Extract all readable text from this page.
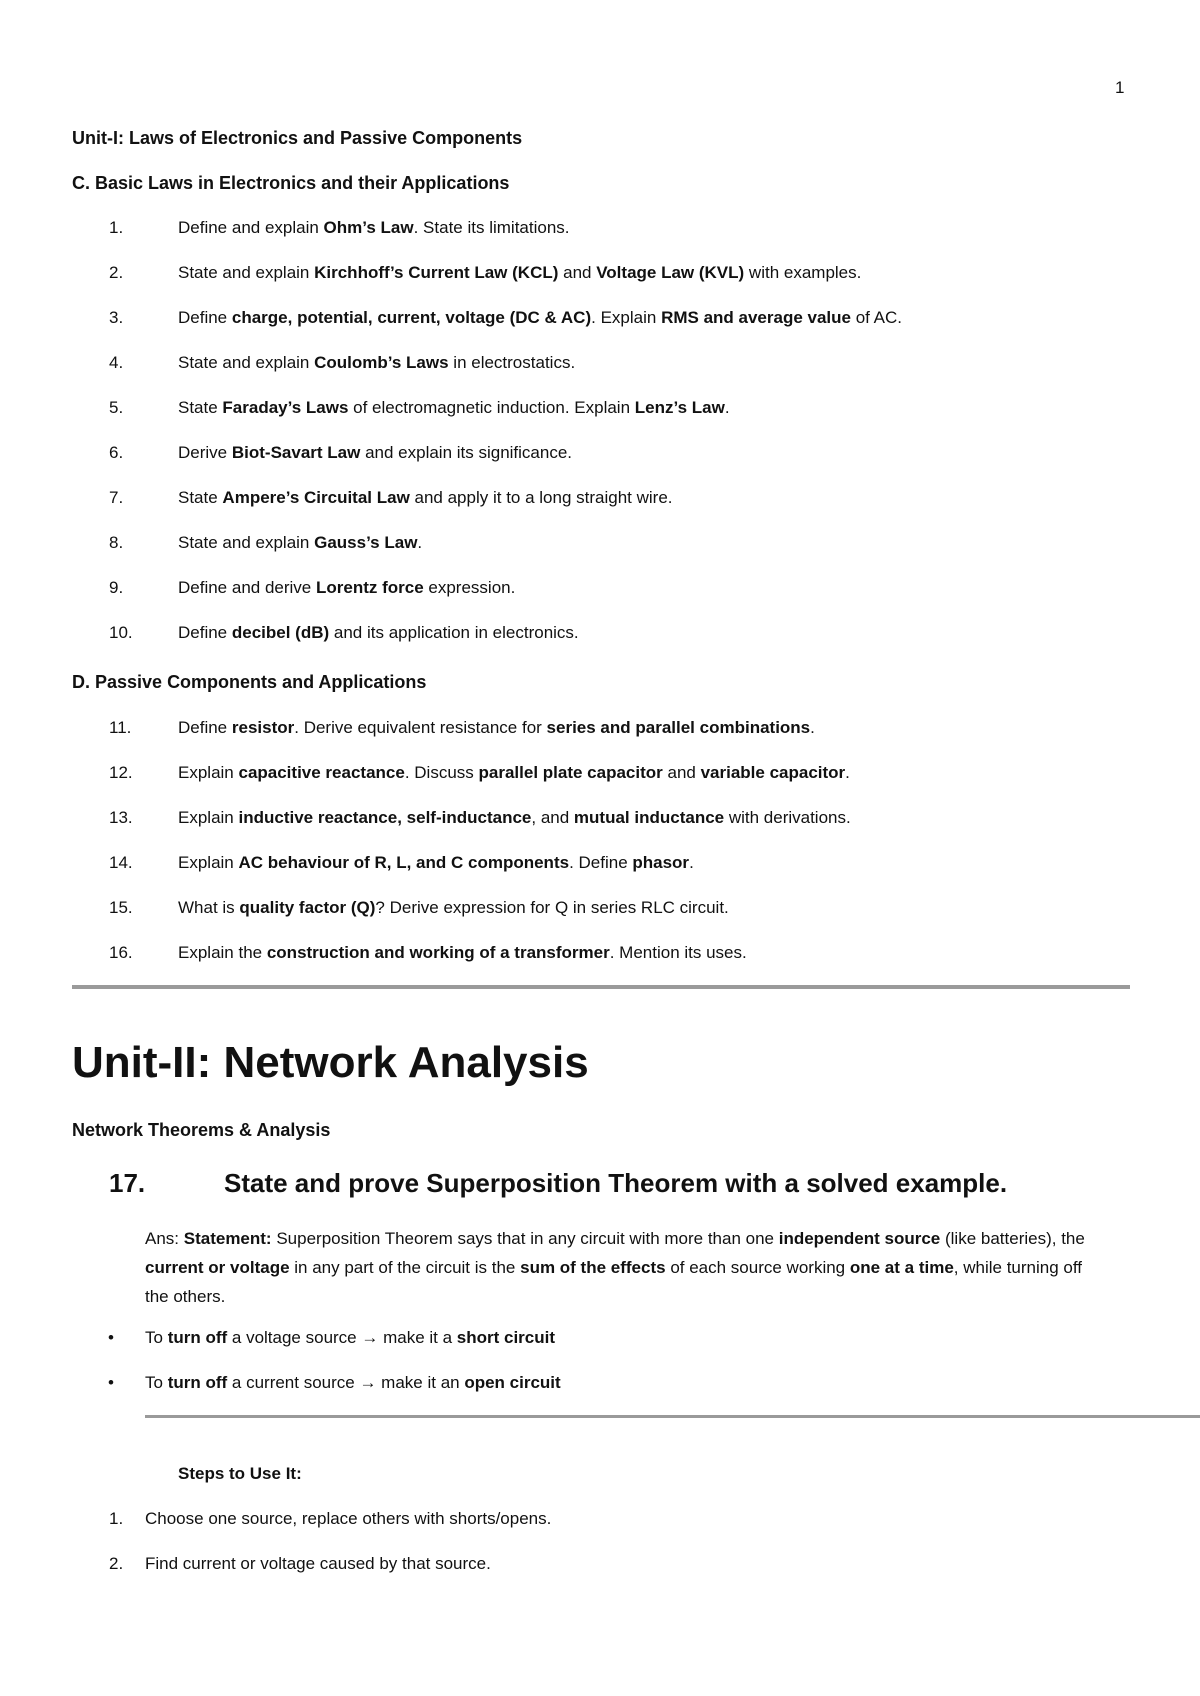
1
Unit-I: Laws of Electronics and Passive Components
C. Basic Laws in Electronics and their Applications
1.	Define and explain Ohm’s Law. State its limitations.
2.	State and explain Kirchhoff’s Current Law (KCL) and Voltage Law (KVL) with examples.
3.	Define charge, potential, current, voltage (DC & AC). Explain RMS and average value of AC.
4.	State and explain Coulomb’s Laws in electrostatics.
5.	State Faraday’s Laws of electromagnetic induction. Explain Lenz’s Law.
6.	Derive Biot-Savart Law and explain its significance.
7.	State Ampere’s Circuital Law and apply it to a long straight wire.
8.	State and explain Gauss’s Law.
9.	Define and derive Lorentz force expression.
10.	Define decibel (dB) and its application in electronics.
D. Passive Components and Applications
11.	Define resistor. Derive equivalent resistance for series and parallel combinations.
12.	Explain capacitive reactance. Discuss parallel plate capacitor and variable capacitor.
13.	Explain inductive reactance, self-inductance, and mutual inductance with derivations.
14.	Explain AC behaviour of R, L, and C components. Define phasor.
15.	What is quality factor (Q)? Derive expression for Q in series RLC circuit.
16.	Explain the construction and working of a transformer. Mention its uses.
Unit-II: Network Analysis
Network Theorems & Analysis
17.	State and prove Superposition Theorem with a solved example.
Ans: Statement: Superposition Theorem says that in any circuit with more than one independent source (like batteries), the current or voltage in any part of the circuit is the sum of the effects of each source working one at a time, while turning off the others.
• To turn off a voltage source → make it a short circuit
• To turn off a current source → make it an open circuit
Steps to Use It:
1. Choose one source, replace others with shorts/opens.
2. Find current or voltage caused by that source.
